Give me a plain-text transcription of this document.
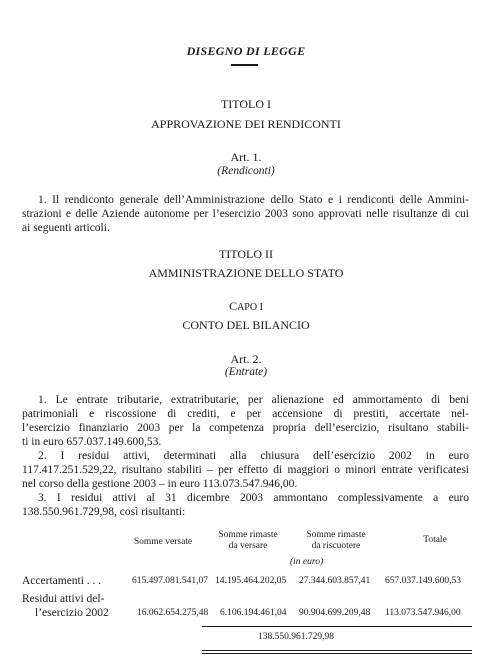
DISEGNO DI LEGGE
TITOLO I
APPROVAZIONE DEI RENDICONTI
Art. 1.
(Rendiconti)
1. Il rendiconto generale dell’Amministrazione dello Stato e i rendiconti delle Ammini-
strazioni e delle Aziende autonome per l’esercizio 2003 sono approvati nelle risultanze di cui
ai seguenti articoli.
TITOLO II
AMMINISTRAZIONE DELLO STATO
CAPO I
CONTO DEL BILANCIO
Art. 2.
(Entrate)
1. Le entrate tributarie, extratributarie, per alienazione ed ammortamento di beni
patrimoniali e riscossione di crediti, e per accensione di prestiti, accertate nel-
l’esercizio finanziario 2003 per la competenza propria dell’esercizio, risultano stabili-
ti in euro 657.037.149.600,53.
2. I residui attivi, determinati alla chiusura dell’esercizio 2002 in euro
117.417.251.529,22, risultano stabiliti – per effetto di maggiori o minori entrate verificatesi
nel corso della gestione 2003 – in euro 113.073.547.946,00.
3. I residui attivi al 31 dicembre 2003 ammontano complessivamente a euro
138.550.961.729,98, così risultanti:
Somme versate
Somme rimaste
da versare
Somme rimaste
da riscuotere
Totale
(in euro)
Accertamenti . . .	615.497.081.541,07 14.195.464.202,05 27.344.603.857,41 657.037.149.600,53
Residui attivi del-
l’esercizio 2002	16.062.654.275,48 6.106.194.461,04 90.904.699.209,48 113.073.547.946,00
138.550.961.729,98
